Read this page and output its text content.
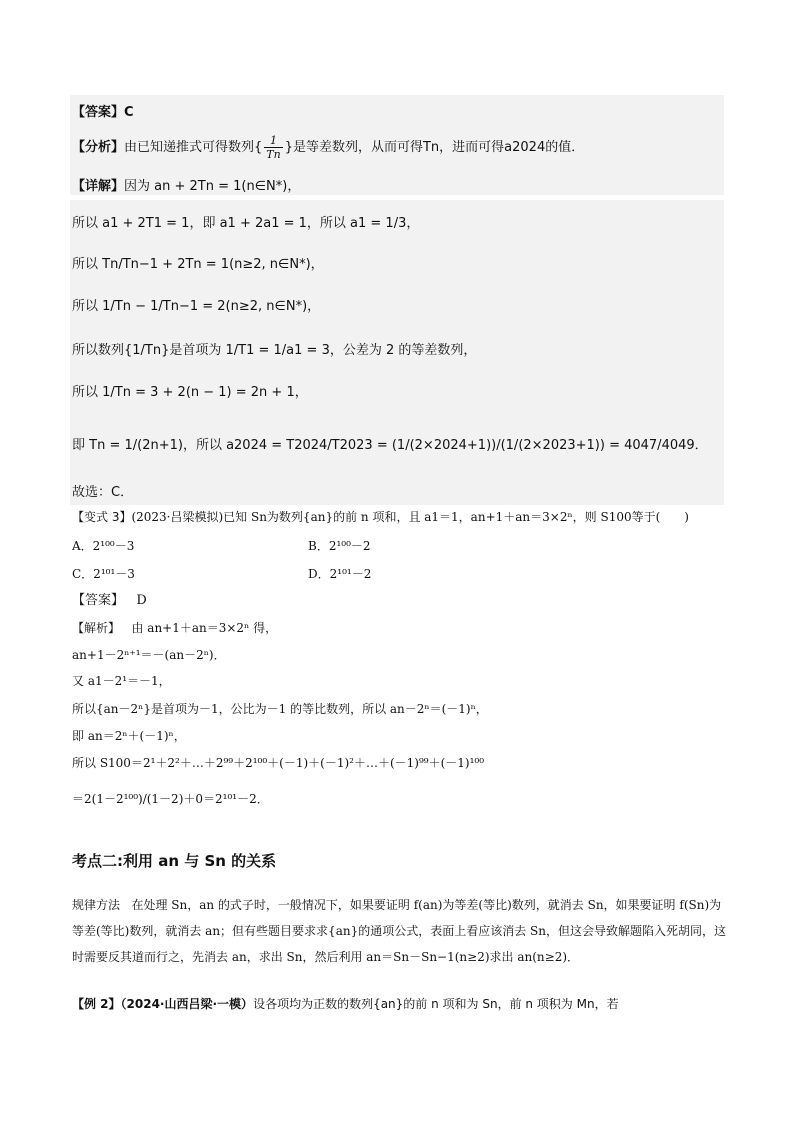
【答案】C
【分析】由已知递推式可得数列{ $\frac{1}{Tn}$ }是等差数列，从而可得Tn，进而可得a2024的值．
【详解】因为 an + 2Tn = 1(n∈N*)，
所以 a1 + 2T1 = 1，即 a1 + 2a1 = 1，所以 a1 = 1/3，
所以 Tn/Tn−1 + 2Tn = 1(n≥2, n∈N*)，
所以 1/Tn − 1/Tn−1 = 2(n≥2, n∈N*)，
所以数列{1/Tn}是首项为 1/T1 = 1/a1 = 3，公差为 2 的等差数列，
所以 1/Tn = 3 + 2(n − 1) = 2n + 1，
即 Tn = 1/(2n+1)，所以 a2024 = T2024/T2023 = (1/(2×2024+1))/(1/(2×2023+1)) = 4047/4049．
故选：C．
【变式 3】(2023·吕梁模拟)已知 Sn为数列{an}的前 n 项和，且 a1＝1，an+1＋an＝3×2ⁿ，则 S100等于(　　)
A．2¹⁰⁰－3	B．2¹⁰⁰－2
C．2¹⁰¹－3	D．2¹⁰¹－2
【答案】 D
【解析】 由 an+1＋an＝3×2ⁿ 得，
an+1－2ⁿ⁺¹＝－(an－2ⁿ)．
又 a1－2¹＝－1，
所以{an－2ⁿ}是首项为－1，公比为－1 的等比数列，所以 an－2ⁿ＝(－1)ⁿ，
即 an＝2ⁿ＋(－1)ⁿ，
所以 S100＝2¹＋2²＋…＋2⁹⁹＋2¹⁰⁰＋(－1)＋(－1)²＋…＋(－1)⁹⁹＋(－1)¹⁰⁰
＝2(1－2¹⁰⁰)/(1－2)＋0＝2¹⁰¹－2．
考点二:利用 an 与 Sn 的关系
规律方法 在处理 Sn，an 的式子时，一般情况下，如果要证明 f(an)为等差(等比)数列，就消去 Sn，如果要证明 f(Sn)为等差(等比)数列，就消去 an；但有些题目要求求{an}的通项公式，表面上看应该消去 Sn，但这会导致解题陷入死胡同，这时需要反其道而行之，先消去 an，求出 Sn，然后利用 an＝Sn－Sn−1(n≥2)求出 an(n≥2)．
【例 2】（2024·山西吕梁·一模）设各项均为正数的数列{an}的前 n 项和为 Sn，前 n 项积为 Mn，若
